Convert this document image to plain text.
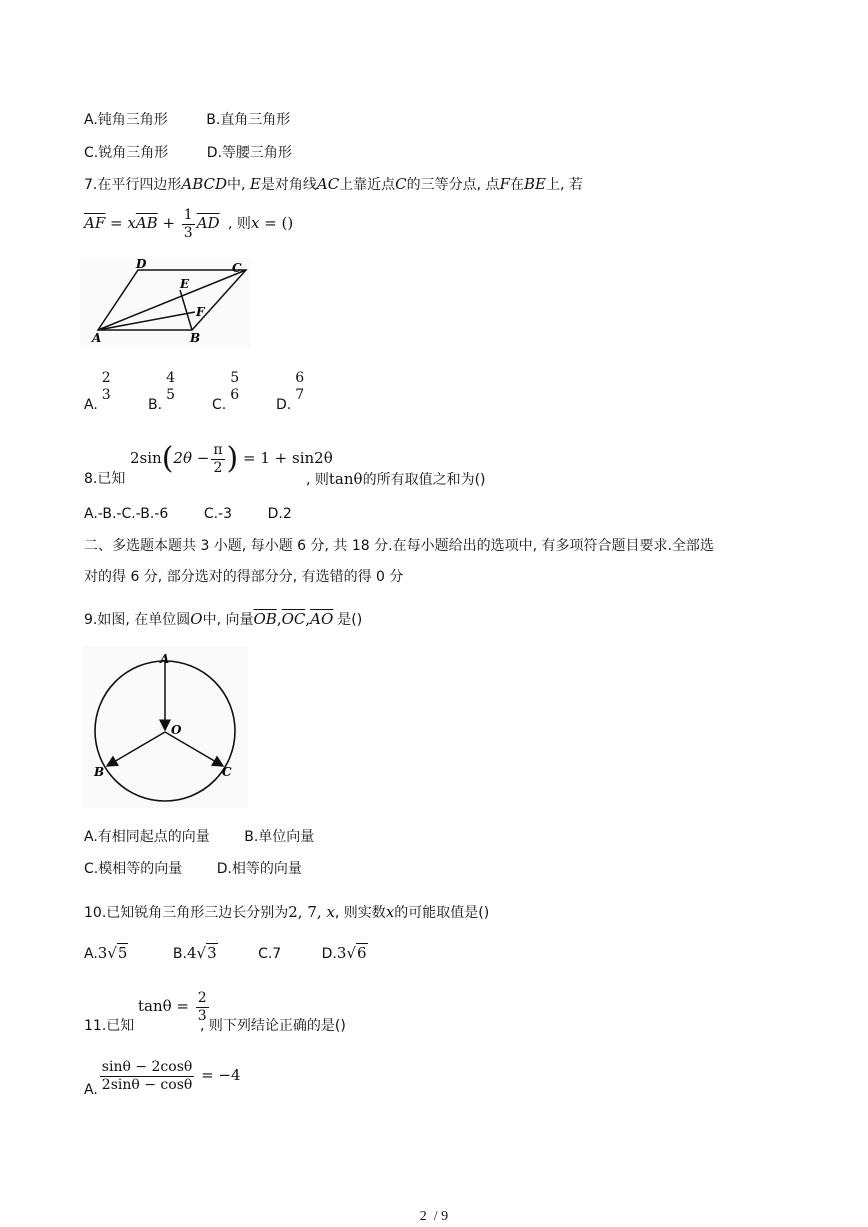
A.钝角三角形	B.直角三角形
C.锐角三角形	D.等腰三角形
7.在平行四边形ABCD中, E是对角线AC上靠近点C的三等分点, 点F在BE上, 若
$\overline{AF} = x\overline{AB} + \frac{1}{3} \overline{AD}$ , 则x = ()
D	C
E
F
A	B
A.
2
3
B.
4
5
C.
5
6
D.
6
7
$2\sin(2\theta - \frac{\pi}{2}$ ) = 1 + sin2θ
8.已知	, 则tanθ的所有取值之和为()
A.-B.-C.-B.-6        C.-3        D.2
二、多选题本题共 3 小题, 每小题 6 分, 共 18 分.在每小题给出的选项中, 有多项符合题目要求.全部选
对的得 6 分, 部分选对的得部分分, 有选错的得 0 分
9.如图, 在单位圆O中, 向量$\overline{OB},\overline{OC},\overline{AO}$ 是()
A
O
B	C
A.有相同起点的向量 B.单位向量
C.模相等的向量 D.相等的向量
10.已知锐角三角形三边长分别为2, 7, x, 则实数x的可能取值是()
A.3√5	B.4√3	C.7	D.3√6
$\tan\theta = \frac{2}{3}$
11.已知	, 则下列结论正确的是()
A. $\frac{\sin\theta - 2\cos\theta}{2\sin\theta - \cos\theta} = -4$
2  / 9
